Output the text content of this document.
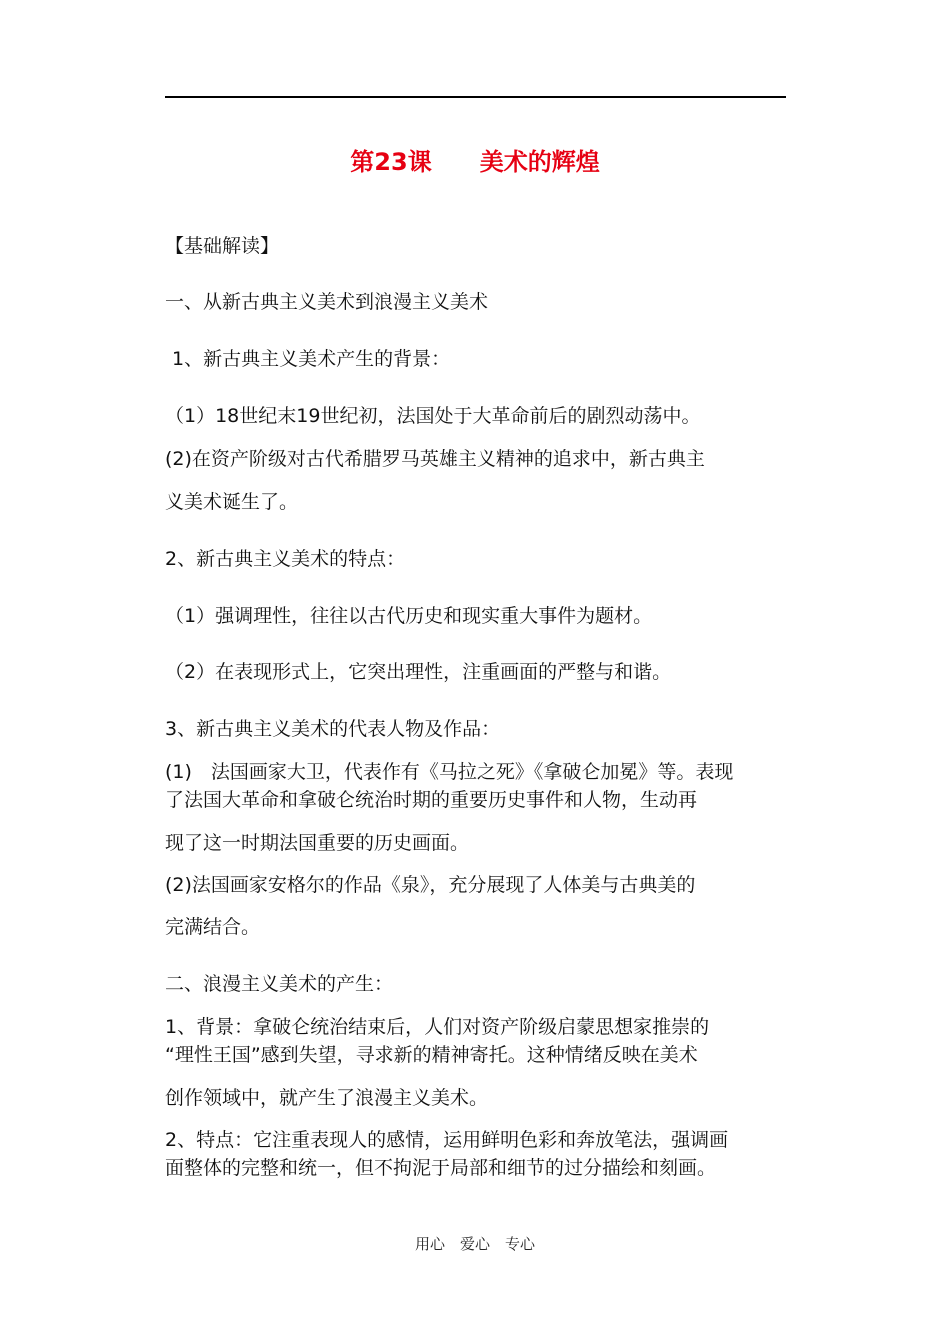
第23课　　美术的辉煌
【基础解读】
一、从新古典主义美术到浪漫主义美术
1、新古典主义美术产生的背景：
（1）18世纪末19世纪初，法国处于大革命前后的剧烈动荡中。
(2)在资产阶级对古代希腊罗马英雄主义精神的追求中，新古典主
义美术诞生了。
2、新古典主义美术的特点：
（1）强调理性，往往以古代历史和现实重大事件为题材。
（2）在表现形式上，它突出理性，注重画面的严整与和谐。
3、新古典主义美术的代表人物及作品：
(1)　法国画家大卫，代表作有《马拉之死》《拿破仑加冕》等。表现
了法国大革命和拿破仑统治时期的重要历史事件和人物，生动再
现了这一时期法国重要的历史画面。
(2)法国画家安格尔的作品《泉》，充分展现了人体美与古典美的
完满结合。
二、浪漫主义美术的产生：
1、背景：拿破仑统治结束后，人们对资产阶级启蒙思想家推崇的
“理性王国”感到失望，寻求新的精神寄托。这种情绪反映在美术
创作领域中，就产生了浪漫主义美术。
2、特点：它注重表现人的感情，运用鲜明色彩和奔放笔法，强调画
面整体的完整和统一，但不拘泥于局部和细节的过分描绘和刻画。
用心　爱心　专心
